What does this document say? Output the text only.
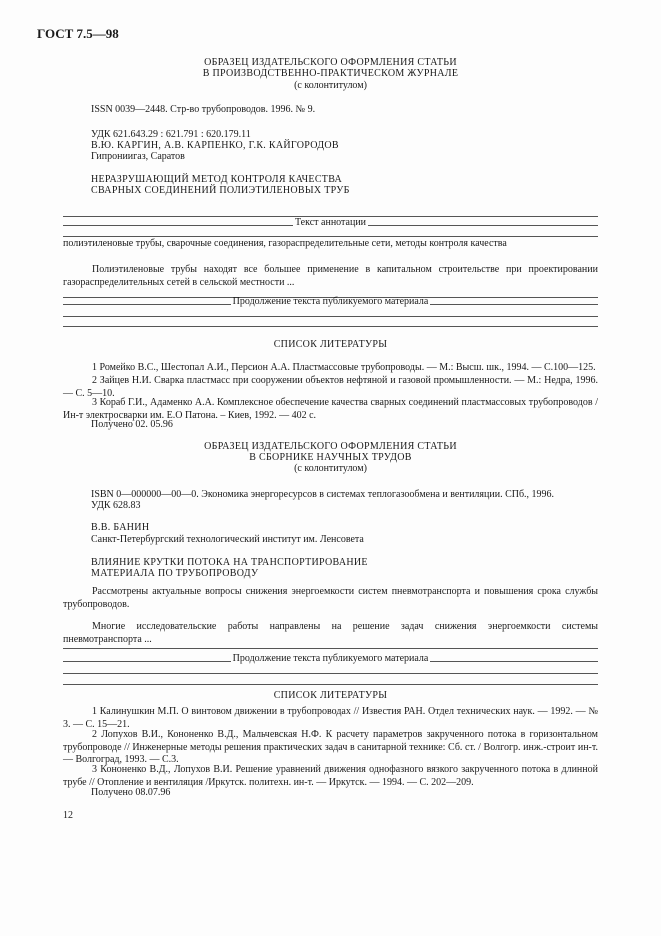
ГОСТ 7.5—98
ОБРАЗЕЦ ИЗДАТЕЛЬСКОГО ОФОРМЛЕНИЯ СТАТЬИ
В ПРОИЗВОДСТВЕННО-ПРАКТИЧЕСКОМ ЖУРНАЛЕ
(с колонтитулом)
ISSN 0039—2448. Стр-во трубопроводов. 1996. № 9.
УДК 621.643.29 : 621.791 : 620.179.11
В.Ю. КАРГИН, А.В. КАРПЕНКО, Г.К. КАЙГОРОДОВ
Гипрониигаз, Саратов
НЕРАЗРУШАЮЩИЙ МЕТОД КОНТРОЛЯ КАЧЕСТВА
СВАРНЫХ СОЕДИНЕНИЙ ПОЛИЭТИЛЕНОВЫХ ТРУБ
Текст аннотации
полиэтиленовые трубы, сварочные соединения, газораспределительные сети, методы контроля качества
Полиэтиленовые трубы находят все большее применение в капитальном строительстве при проектировании газораспределительных сетей в сельской местности ...
Продолжение текста публикуемого материала
СПИСОК ЛИТЕРАТУРЫ
1 Ромейко В.С., Шестопал А.И., Персион А.А. Пластмассовые трубопроводы. — М.: Высш. шк., 1994. — С.100—125.
2 Зайцев Н.И. Сварка пластмасс при сооружении объектов нефтяной и газовой промышленности. — М.: Недра, 1996. — С. 5—10.
3 Кораб Г.И., Адаменко А.А. Комплексное обеспечение качества сварных соединений пластмассовых трубопроводов / Ин-т электросварки им. Е.О Патона. – Киев, 1992. — 402 с.
Получено 02. 05.96
ОБРАЗЕЦ ИЗДАТЕЛЬСКОГО ОФОРМЛЕНИЯ СТАТЬИ
В СБОРНИКЕ НАУЧНЫХ ТРУДОВ
(с колонтитулом)
ISBN 0—000000—00—0. Экономика энергоресурсов в системах теплогазообмена и вентиляции. СПб., 1996.
УДК 628.83
В.В. БАНИН
Санкт-Петербургский технологический институт им. Ленсовета
ВЛИЯНИЕ КРУТКИ ПОТОКА НА ТРАНСПОРТИРОВАНИЕ
МАТЕРИАЛА ПО ТРУБОПРОВОДУ
Рассмотрены актуальные вопросы снижения энергоемкости систем пневмотранспорта и повышения срока службы трубопроводов.
Многие исследовательские работы направлены на решение задач снижения энергоемкости системы пневмотранспорта ...
Продолжение текста публикуемого материала
СПИСОК ЛИТЕРАТУРЫ
1 Калинушкин М.П. О винтовом движении в трубопроводах // Известия РАН. Отдел технических наук. — 1992. — № 3. — С. 15—21.
2 Лопухов В.И., Кононенко В.Д., Мальчевская Н.Ф. К расчету параметров закрученного потока в горизонтальном трубопроводе // Инженерные методы решения практических задач в санитарной технике: Сб. ст. / Волгогр. инж.-строит ин-т. — Волгоград, 1993. — С.3.
3 Кононенко В.Д., Лопухов В.И. Решение уравнений движения однофазного вязкого закрученного потока в длинной трубе // Отопление и вентиляция /Иркутск. политехн. ин-т. — Иркутск. — 1994. — С. 202—209.
Получено 08.07.96
12
